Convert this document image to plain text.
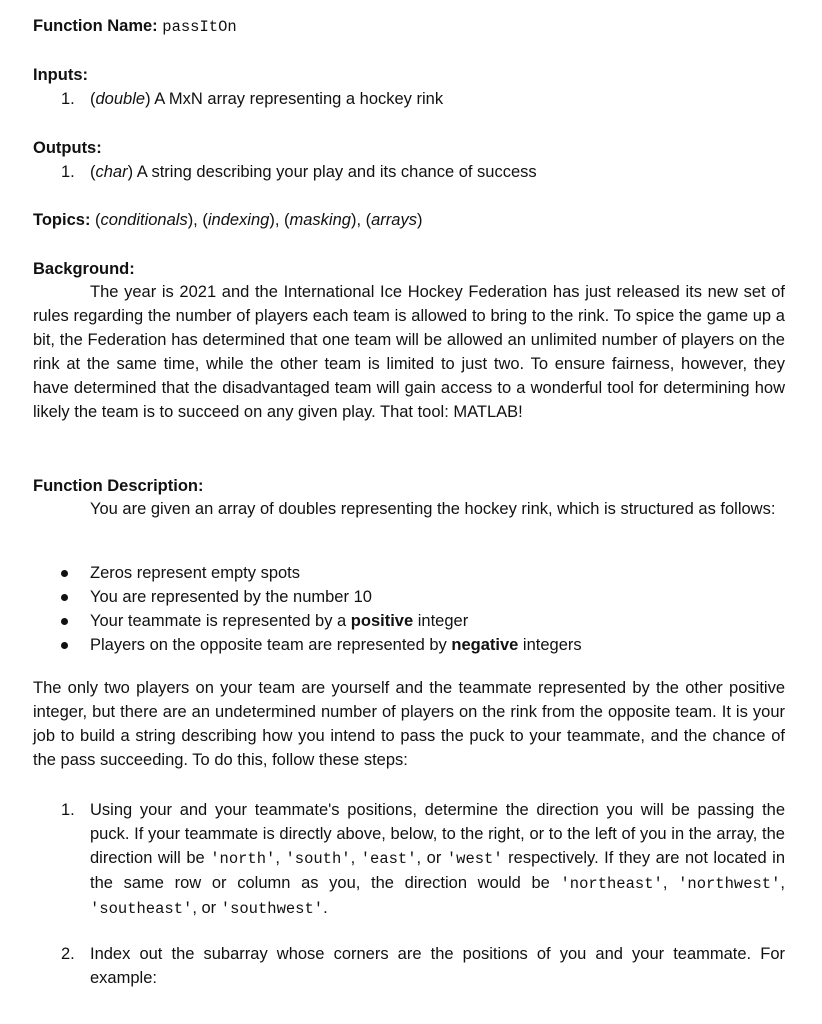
Function Name: passItOn
Inputs:
1. (double) A MxN array representing a hockey rink
Outputs:
1. (char) A string describing your play and its chance of success
Topics: (conditionals), (indexing), (masking), (arrays)
Background:
The year is 2021 and the International Ice Hockey Federation has just released its new set of rules regarding the number of players each team is allowed to bring to the rink. To spice the game up a bit, the Federation has determined that one team will be allowed an unlimited number of players on the rink at the same time, while the other team is limited to just two. To ensure fairness, however, they have determined that the disadvantaged team will gain access to a wonderful tool for determining how likely the team is to succeed on any given play. That tool: MATLAB!
Function Description:
You are given an array of doubles representing the hockey rink, which is structured as follows:
Zeros represent empty spots
You are represented by the number 10
Your teammate is represented by a positive integer
Players on the opposite team are represented by negative integers
The only two players on your team are yourself and the teammate represented by the other positive integer, but there are an undetermined number of players on the rink from the opposite team. It is your job to build a string describing how you intend to pass the puck to your teammate, and the chance of the pass succeeding. To do this, follow these steps:
1. Using your and your teammate's positions, determine the direction you will be passing the puck. If your teammate is directly above, below, to the right, or to the left of you in the array, the direction will be 'north', 'south', 'east', or 'west' respectively. If they are not located in the same row or column as you, the direction would be 'northeast', 'northwest', 'southeast', or 'southwest'.
2. Index out the subarray whose corners are the positions of you and your teammate. For example:
